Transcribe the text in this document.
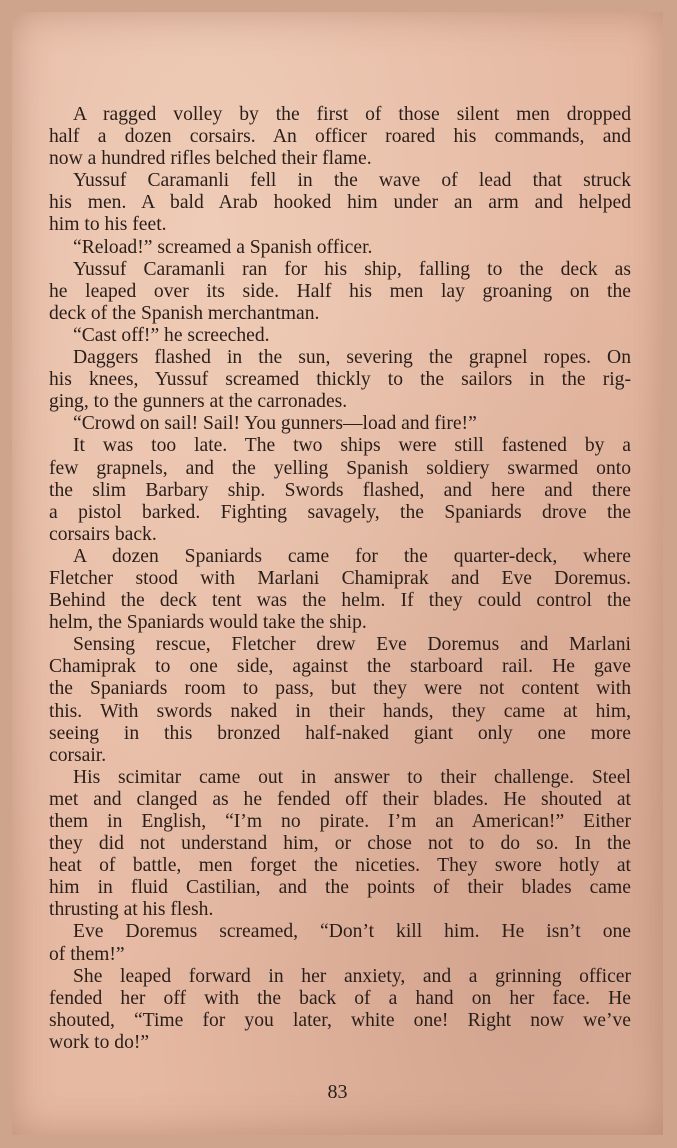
A ragged volley by the first of those silent men dropped
half a dozen corsairs. An officer roared his commands, and
now a hundred rifles belched their flame.
Yussuf Caramanli fell in the wave of lead that struck
his men. A bald Arab hooked him under an arm and helped
him to his feet.
“Reload!” screamed a Spanish officer.
Yussuf Caramanli ran for his ship, falling to the deck as
he leaped over its side. Half his men lay groaning on the
deck of the Spanish merchantman.
“Cast off!” he screeched.
Daggers flashed in the sun, severing the grapnel ropes. On
his knees, Yussuf screamed thickly to the sailors in the rig-
ging, to the gunners at the carronades.
“Crowd on sail! Sail! You gunners—load and fire!”
It was too late. The two ships were still fastened by a
few grapnels, and the yelling Spanish soldiery swarmed onto
the slim Barbary ship. Swords flashed, and here and there
a pistol barked. Fighting savagely, the Spaniards drove the
corsairs back.
A dozen Spaniards came for the quarter-deck, where
Fletcher stood with Marlani Chamiprak and Eve Doremus.
Behind the deck tent was the helm. If they could control the
helm, the Spaniards would take the ship.
Sensing rescue, Fletcher drew Eve Doremus and Marlani
Chamiprak to one side, against the starboard rail. He gave
the Spaniards room to pass, but they were not content with
this. With swords naked in their hands, they came at him,
seeing in this bronzed half-naked giant only one more
corsair.
His scimitar came out in answer to their challenge. Steel
met and clanged as he fended off their blades. He shouted at
them in English, “I’m no pirate. I’m an American!” Either
they did not understand him, or chose not to do so. In the
heat of battle, men forget the niceties. They swore hotly at
him in fluid Castilian, and the points of their blades came
thrusting at his flesh.
Eve Doremus screamed, “Don’t kill him. He isn’t one
of them!”
She leaped forward in her anxiety, and a grinning officer
fended her off with the back of a hand on her face. He
shouted, “Time for you later, white one! Right now we’ve
work to do!”
83
